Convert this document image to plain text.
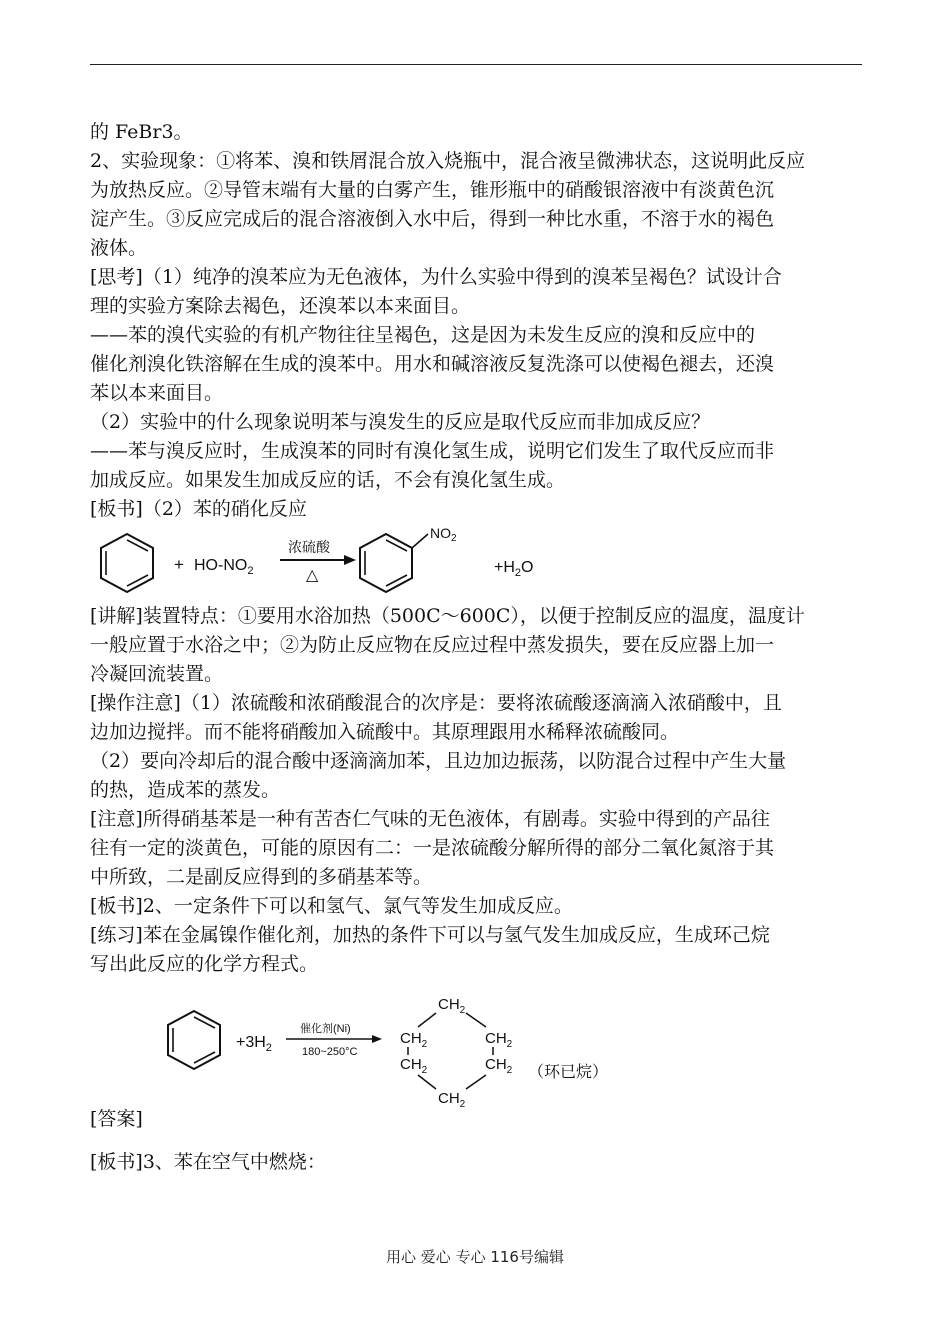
的 FeBr3。
2、实验现象：①将苯、溴和铁屑混合放入烧瓶中，混合液呈微沸状态，这说明此反应
为放热反应。②导管末端有大量的白雾产生，锥形瓶中的硝酸银溶液中有淡黄色沉
淀产生。③反应完成后的混合溶液倒入水中后，得到一种比水重，不溶于水的褐色
液体。
[思考]（1）纯净的溴苯应为无色液体，为什么实验中得到的溴苯呈褐色？试设计合
理的实验方案除去褐色，还溴苯以本来面目。
——苯的溴代实验的有机产物往往呈褐色，这是因为未发生反应的溴和反应中的
催化剂溴化铁溶解在生成的溴苯中。用水和碱溶液反复洗涤可以使褐色褪去，还溴
苯以本来面目。
（2）实验中的什么现象说明苯与溴发生的反应是取代反应而非加成反应？
——苯与溴反应时，生成溴苯的同时有溴化氢生成，说明它们发生了取代反应而非
加成反应。如果发生加成反应的话，不会有溴化氢生成。
[板书]（2）苯的硝化反应
+ $HO-NO_2$
浓硫酸
△
$NO_2$
$+H_2O$
[讲解]装置特点：①要用水浴加热（500C～600C），以便于控制反应的温度，温度计
一般应置于水浴之中；②为防止反应物在反应过程中蒸发损失，要在反应器上加一
冷凝回流装置。
[操作注意]（1）浓硫酸和浓硝酸混合的次序是：要将浓硫酸逐滴滴入浓硝酸中，且
边加边搅拌。而不能将硝酸加入硫酸中。其原理跟用水稀释浓硫酸同。
（2）要向冷却后的混合酸中逐滴滴加苯，且边加边振荡，以防混合过程中产生大量
的热，造成苯的蒸发。
[注意]所得硝基苯是一种有苦杏仁气味的无色液体，有剧毒。实验中得到的产品往
往有一定的淡黄色，可能的原因有二：一是浓硫酸分解所得的部分二氧化氮溶于其
中所致，二是副反应得到的多硝基苯等。
[板书]2、一定条件下可以和氢气、氯气等发生加成反应。
[练习]苯在金属镍作催化剂，加热的条件下可以与氢气发生加成反应，生成环己烷
写出此反应的化学方程式。
$+3H_2$
催化剂(Ni)
180~250°C
$CH_2$
$CH_2$	$CH_2$
$CH_2$	$CH_2$
$CH_2$
（环已烷）
[答案]
[板书]3、苯在空气中燃烧：
用心 爱心 专心 116号编辑
